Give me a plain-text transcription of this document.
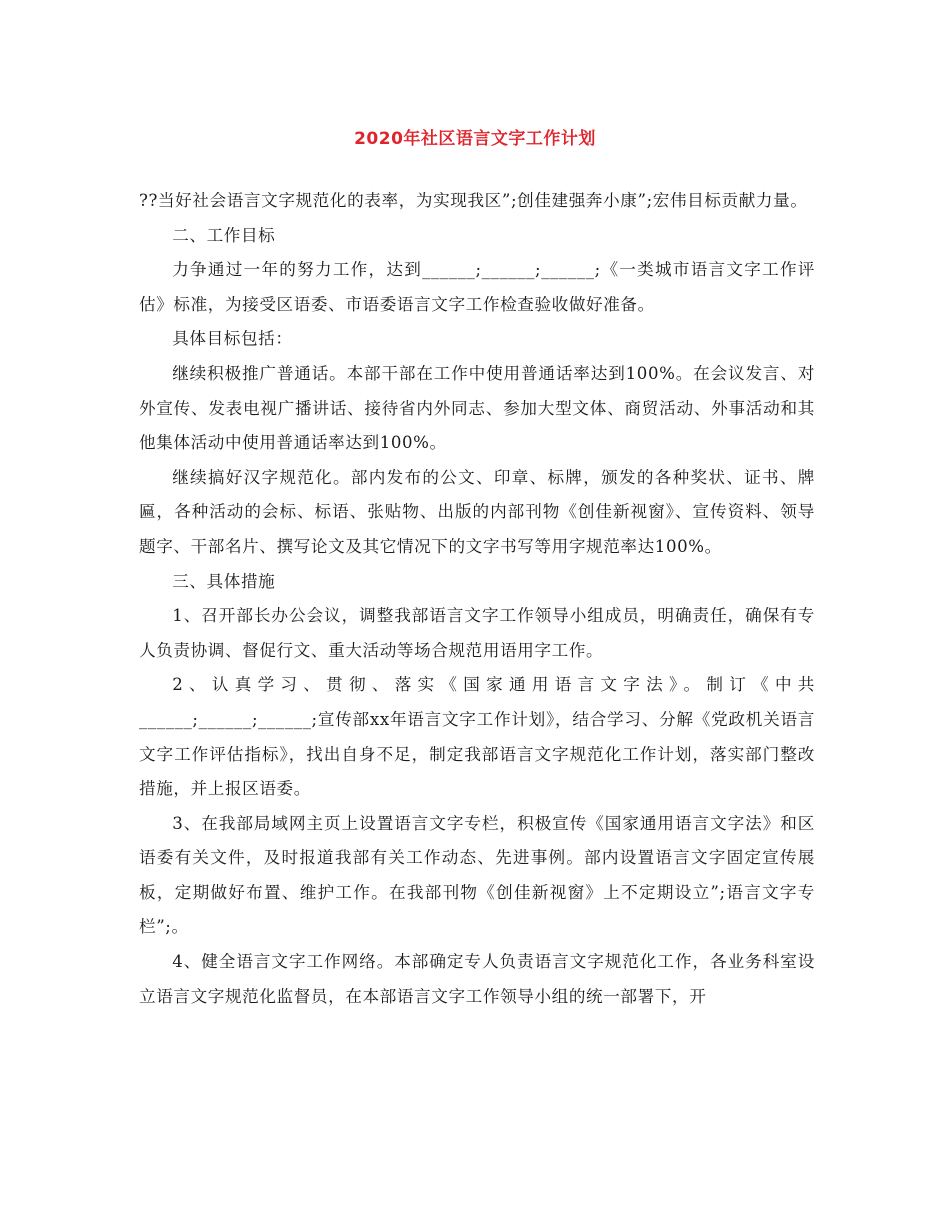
2020年社区语言文字工作计划

??当好社会语言文字规范化的表率，为实现我区”;创佳建强奔小康”;宏伟目标贡献力量。

二、工作目标

力争通过一年的努力工作，达到______;______;______;《一类城市语言文字工作评估》标准，为接受区语委、市语委语言文字工作检查验收做好准备。

具体目标包括：

继续积极推广普通话。本部干部在工作中使用普通话率达到100%。在会议发言、对外宣传、发表电视广播讲话、接待省内外同志、参加大型文体、商贸活动、外事活动和其他集体活动中使用普通话率达到100%。

继续搞好汉字规范化。部内发布的公文、印章、标牌，颁发的各种奖状、证书、牌匾，各种活动的会标、标语、张贴物、出版的内部刊物《创佳新视窗》、宣传资料、领导题字、干部名片、撰写论文及其它情况下的文字书写等用字规范率达100%。

三、具体措施

1、召开部长办公会议，调整我部语言文字工作领导小组成员，明确责任，确保有专人负责协调、督促行文、重大活动等场合规范用语用字工作。

2、认真学习、贯彻、落实《国家通用语言文字法》。制订《中共______;______;______;宣传部xx年语言文字工作计划》，结合学习、分解《党政机关语言文字工作评估指标》，找出自身不足，制定我部语言文字规范化工作计划，落实部门整改措施，并上报区语委。

3、在我部局域网主页上设置语言文字专栏，积极宣传《国家通用语言文字法》和区语委有关文件，及时报道我部有关工作动态、先进事例。部内设置语言文字固定宣传展板，定期做好布置、维护工作。在我部刊物《创佳新视窗》上不定期设立”;语言文字专栏”;。

4、健全语言文字工作网络。本部确定专人负责语言文字规范化工作，各业务科室设立语言文字规范化监督员，在本部语言文字工作领导小组的统一部署下，开
